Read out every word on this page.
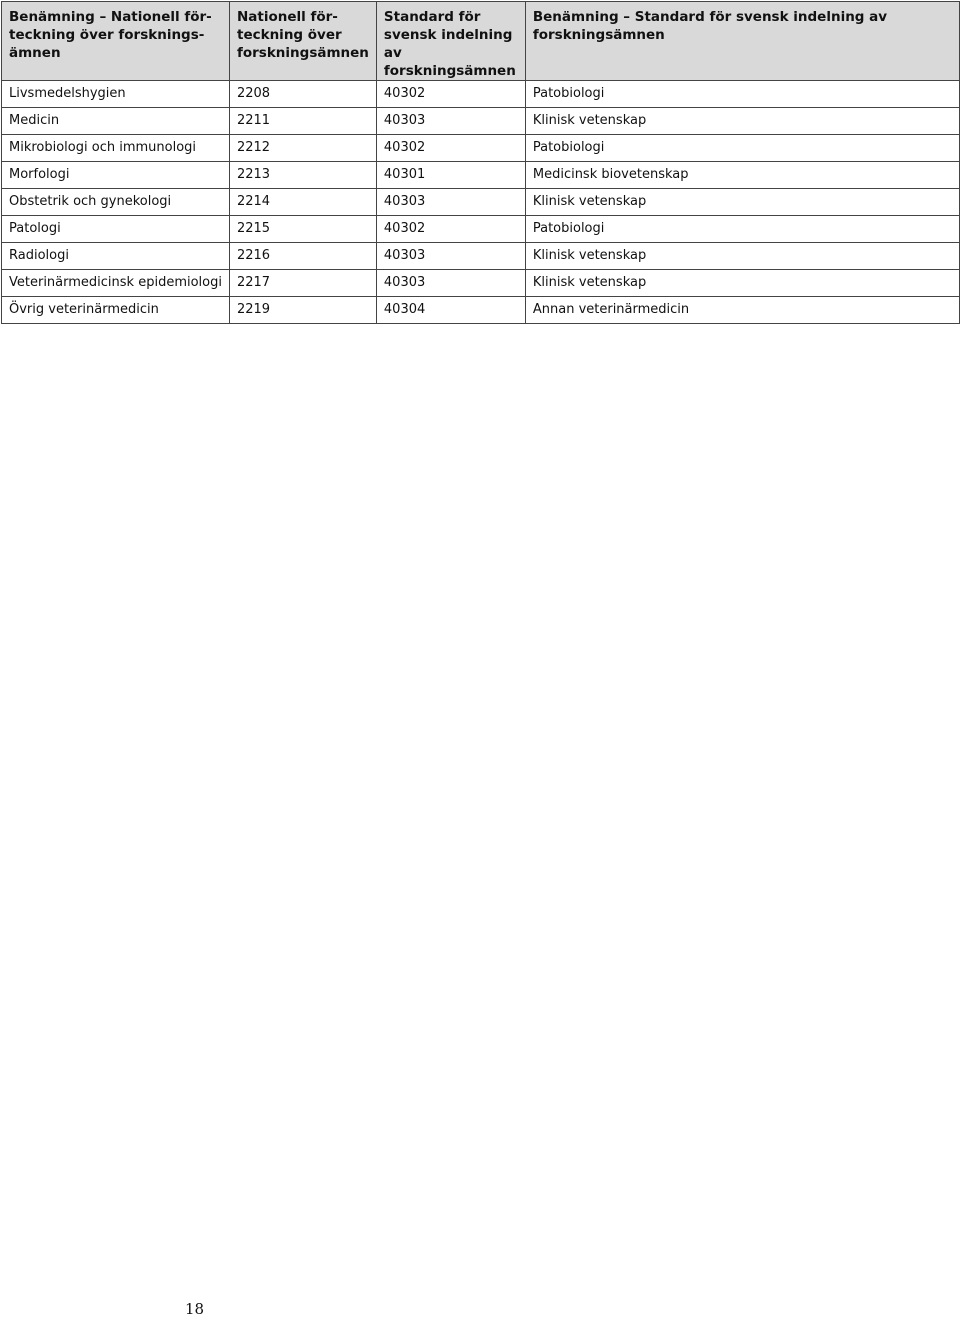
Benämning – Nationell för- teckning över forsknings- ämnen	Nationell för- teckning över forskningsämnen	Standard för svensk indelning av forskningsämnen	Benämning – Standard för svensk indelning av forskningsämnen
Livsmedelshygien	2208	40302	Patobiologi
Medicin	2211	40303	Klinisk vetenskap
Mikrobiologi och immunologi	2212	40302	Patobiologi
Morfologi	2213	40301	Medicinsk biovetenskap
Obstetrik och gynekologi	2214	40303	Klinisk vetenskap
Patologi	2215	40302	Patobiologi
Radiologi	2216	40303	Klinisk vetenskap
Veterinärmedicinsk epidemiologi	2217	40303	Klinisk vetenskap
Övrig veterinärmedicin	2219	40304	Annan veterinärmedicin
18
